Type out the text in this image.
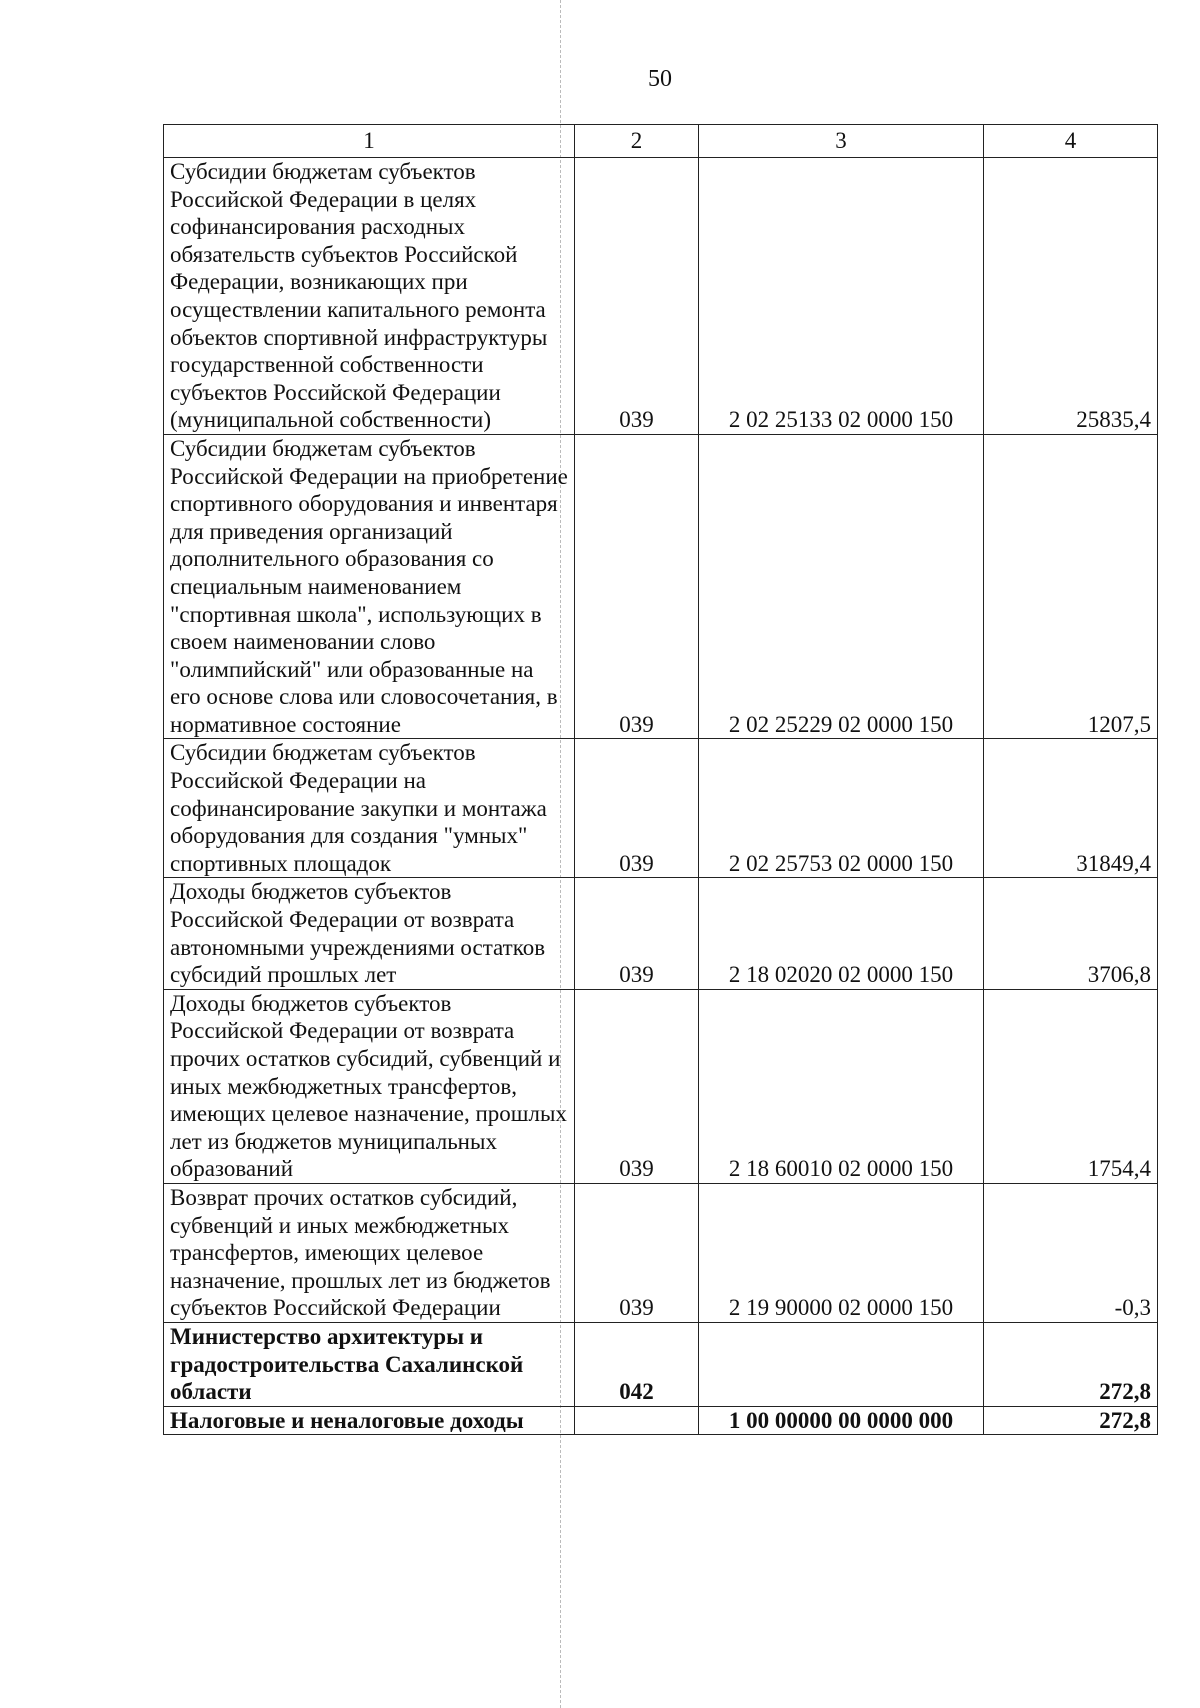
50
1	2	3	4
Субсидии бюджетам субъектов Российской Федерации в целях софинансирования расходных обязательств субъектов Российской Федерации, возникающих при осуществлении капитального ремонта объектов спортивной инфраструктуры государственной собственности субъектов Российской Федерации (муниципальной собственности)	039	2 02 25133 02 0000 150	25835,4
Субсидии бюджетам субъектов Российской Федерации на приобретение спортивного оборудования и инвентаря для приведения организаций дополнительного образования со специальным наименованием "спортивная школа", использующих в своем наименовании слово "олимпийский" или образованные на его основе слова или словосочетания, в нормативное состояние	039	2 02 25229 02 0000 150	1207,5
Субсидии бюджетам субъектов Российской Федерации на софинансирование закупки и монтажа оборудования для создания "умных" спортивных площадок	039	2 02 25753 02 0000 150	31849,4
Доходы бюджетов субъектов Российской Федерации от возврата автономными учреждениями остатков субсидий прошлых лет	039	2 18 02020 02 0000 150	3706,8
Доходы бюджетов субъектов Российской Федерации от возврата прочих остатков субсидий, субвенций и иных межбюджетных трансфертов, имеющих целевое назначение, прошлых лет из бюджетов муниципальных образований	039	2 18 60010 02 0000 150	1754,4
Возврат прочих остатков субсидий, субвенций и иных межбюджетных трансфертов, имеющих целевое назначение, прошлых лет из бюджетов субъектов Российской Федерации	039	2 19 90000 02 0000 150	-0,3
Министерство архитектуры и градостроительства Сахалинской области	042		272,8
Налоговые и неналоговые доходы		1 00 00000 00 0000 000	272,8
